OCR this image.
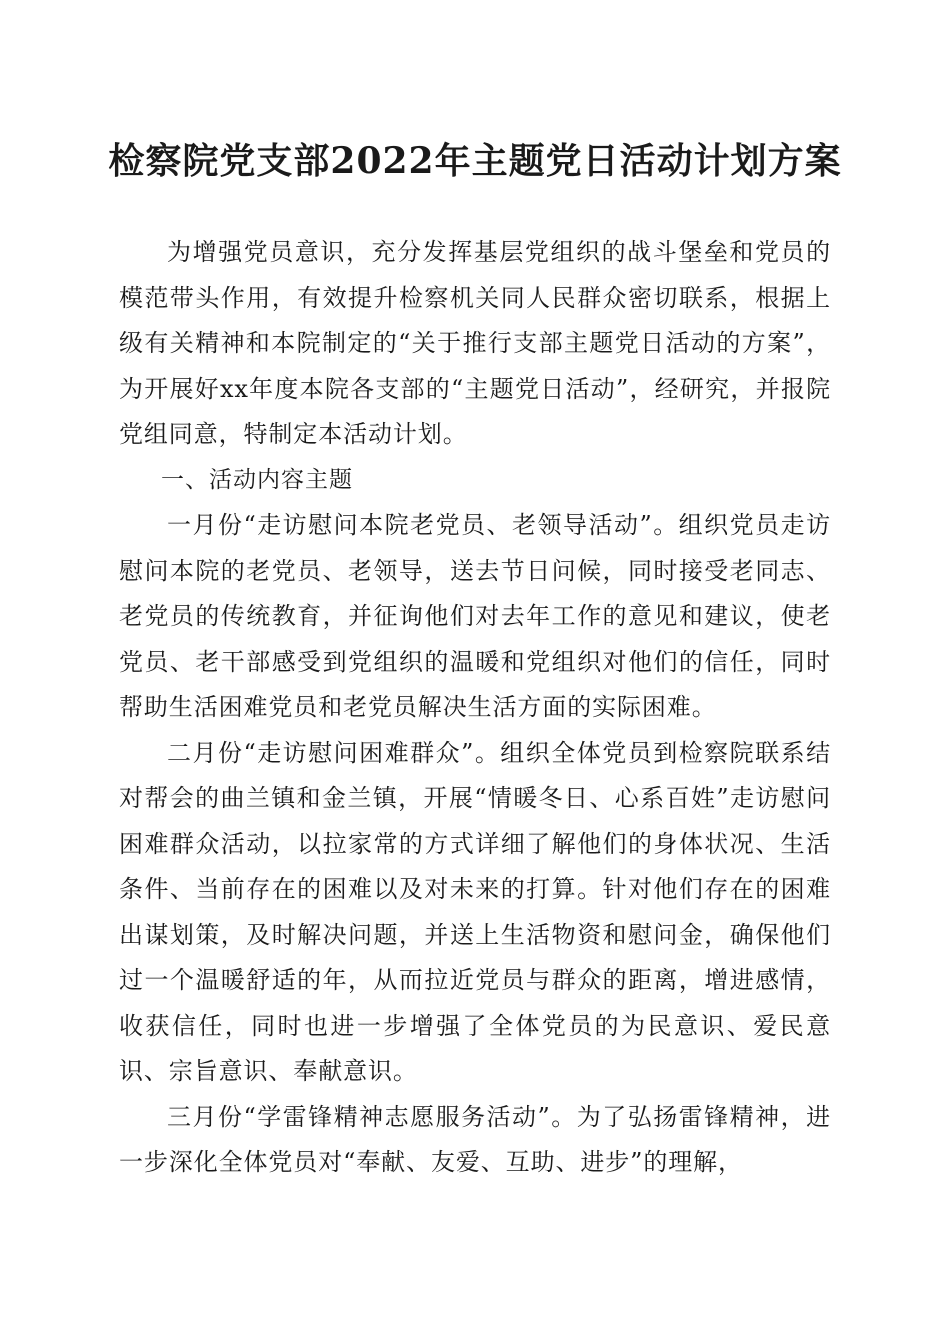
检察院党支部2022年主题党日活动计划方案

为增强党员意识，充分发挥基层党组织的战斗堡垒和党员的模范带头作用，有效提升检察机关同人民群众密切联系，根据上级有关精神和本院制定的“关于推行支部主题党日活动的方案”，为开展好xx年度本院各支部的“主题党日活动”，经研究，并报院党组同意，特制定本活动计划。

一、活动内容主题

一月份“走访慰问本院老党员、老领导活动”。组织党员走访慰问本院的老党员、老领导，送去节日问候，同时接受老同志、老党员的传统教育，并征询他们对去年工作的意见和建议，使老党员、老干部感受到党组织的温暖和党组织对他们的信任，同时帮助生活困难党员和老党员解决生活方面的实际困难。

二月份“走访慰问困难群众”。组织全体党员到检察院联系结对帮会的曲兰镇和金兰镇，开展“情暖冬日、心系百姓”走访慰问困难群众活动，以拉家常的方式详细了解他们的身体状况、生活条件、当前存在的困难以及对未来的打算。针对他们存在的困难出谋划策，及时解决问题，并送上生活物资和慰问金，确保他们过一个温暖舒适的年，从而拉近党员与群众的距离，增进感情，收获信任，同时也进一步增强了全体党员的为民意识、爱民意识、宗旨意识、奉献意识。

三月份“学雷锋精神志愿服务活动”。为了弘扬雷锋精神，进一步深化全体党员对“奉献、友爱、互助、进步”的理解，
